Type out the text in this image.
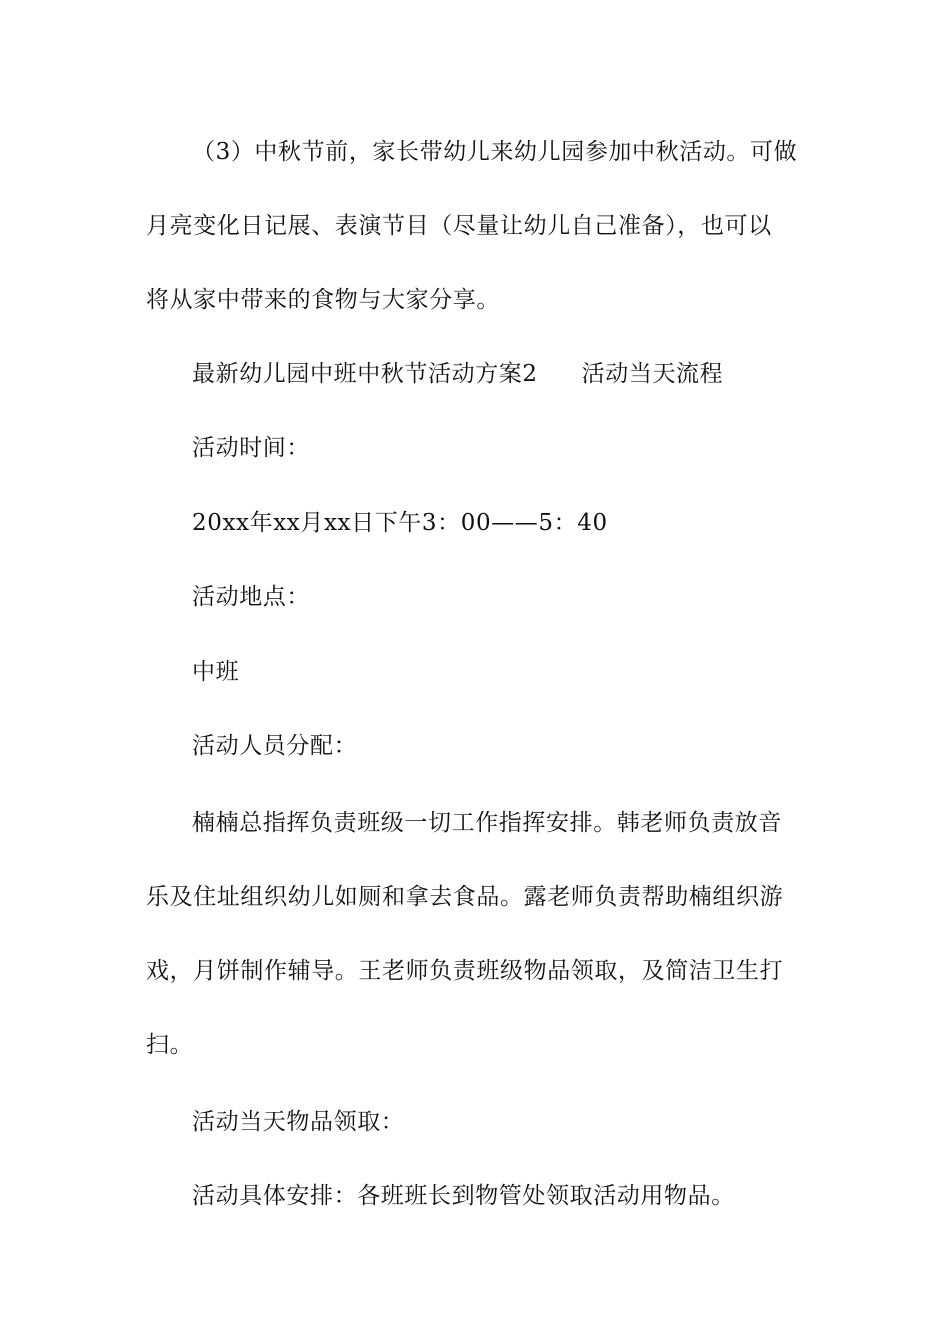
（3）中秋节前，家长带幼儿来幼儿园参加中秋活动。可做

月亮变化日记展、表演节目（尽量让幼儿自己准备），也可以

将从家中带来的食物与大家分享。

最新幼儿园中班中秋节活动方案2 活动当天流程

活动时间：

20xx年xx月xx日下午3：00——5：40

活动地点：

中班

活动人员分配：

楠楠总指挥负责班级一切工作指挥安排。韩老师负责放音

乐及住址组织幼儿如厕和拿去食品。露老师负责帮助楠组织游

戏，月饼制作辅导。王老师负责班级物品领取，及简洁卫生打

扫。

活动当天物品领取：

活动具体安排：各班班长到物管处领取活动用物品。
